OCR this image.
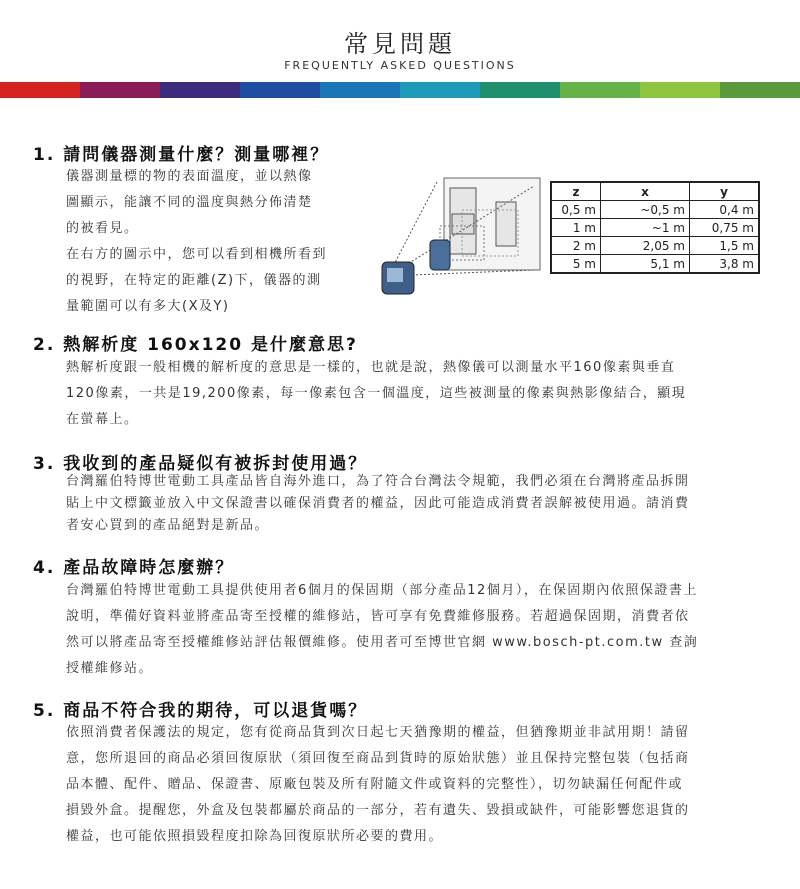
常見問題
FREQUENTLY ASKED QUESTIONS
1. 請問儀器測量什麼？測量哪裡？
儀器測量標的物的表面溫度，並以熱像
圖顯示，能讓不同的溫度與熱分佈清楚
的被看見。
在右方的圖示中，您可以看到相機所看到
的視野，在特定的距離(Z)下，儀器的測
量範圍可以有多大(X及Y)
z	x	y
0,5 m	~0,5 m	0,4 m
1 m	~1 m	0,75 m
2 m	2,05 m	1,5 m
5 m	5,1 m	3,8 m
2. 熱解析度 160x120 是什麼意思?
熱解析度跟一般相機的解析度的意思是一樣的，也就是說，熱像儀可以測量水平160像素與垂直
120像素，一共是19,200像素，每一像素包含一個溫度，這些被測量的像素與熱影像結合，顯現
在螢幕上。
3. 我收到的產品疑似有被拆封使用過？
台灣羅伯特博世電動工具產品皆自海外進口，為了符合台灣法令規範，我們必須在台灣將產品拆開
貼上中文標籤並放入中文保證書以確保消費者的權益，因此可能造成消費者誤解被使用過。請消費
者安心買到的產品絕對是新品。
4. 產品故障時怎麼辦？
台灣羅伯特博世電動工具提供使用者6個月的保固期（部分產品12個月），在保固期內依照保證書上
說明，準備好資料並將產品寄至授權的維修站，皆可享有免費維修服務。若超過保固期，消費者依
然可以將產品寄至授權維修站評估報價維修。使用者可至博世官網 www.bosch-pt.com.tw 查詢
授權維修站。
5. 商品不符合我的期待，可以退貨嗎？
依照消費者保護法的規定，您有從商品貨到次日起七天猶豫期的權益，但猶豫期並非試用期！請留
意，您所退回的商品必須回復原狀（須回復至商品到貨時的原始狀態）並且保持完整包裝（包括商
品本體、配件、贈品、保證書、原廠包裝及所有附隨文件或資料的完整性），切勿缺漏任何配件或
損毀外盒。提醒您，外盒及包裝都屬於商品的一部分，若有遺失、毀損或缺件，可能影響您退貨的
權益，也可能依照損毀程度扣除為回復原狀所必要的費用。
